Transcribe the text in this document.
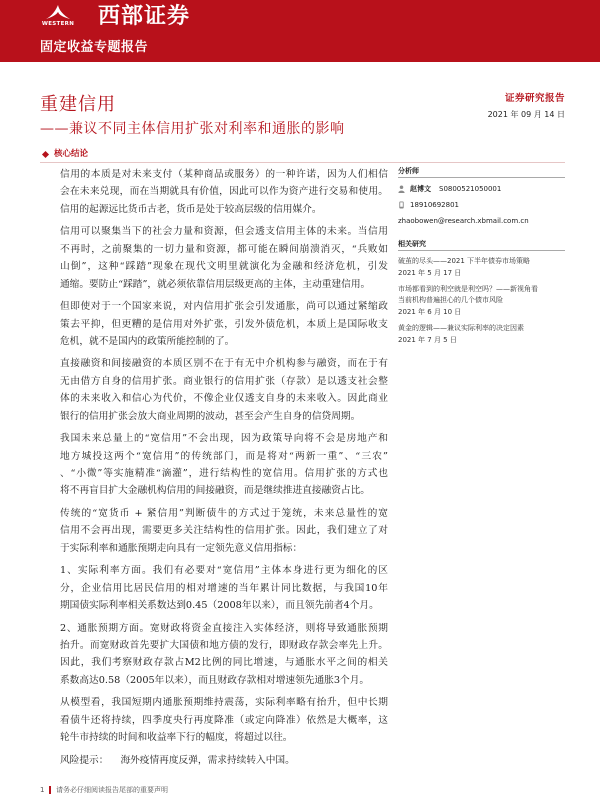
WESTERN 西部证券
固定收益专题报告
重建信用
——兼议不同主体信用扩张对利率和通胀的影响
证券研究报告
2021 年 09 月 14 日
核心结论
信用的本质是对未来支付（某种商品或服务）的一种许诺，因为人们相信
会在未来兑现，而在当期就具有价值，因此可以作为资产进行交易和使用。
信用的起源远比货币古老，货币是处于较高层级的信用媒介。
信用可以聚集当下的社会力量和资源，但会透支信用主体的未来。当信用
不再时，之前聚集的一切力量和资源，都可能在瞬间崩溃消灭，“兵败如
山倒”，这种“踩踏”现象在现代文明里就演化为金融和经济危机，引发
通缩。要防止“踩踏”，就必须依靠信用层级更高的主体，主动重建信用。
但即使对于一个国家来说，对内信用扩张会引发通胀，尚可以通过紧缩政
策去平抑，但更糟的是信用对外扩张，引发外债危机，本质上是国际收支
危机，就不是国内的政策所能控制的了。
直接融资和间接融资的本质区别不在于有无中介机构参与融资，而在于有
无由借方自身的信用扩张。商业银行的信用扩张（存款）是以透支社会整
体的未来收入和信心为代价，不像企业仅透支自身的未来收入。因此商业
银行的信用扩张会放大商业周期的波动，甚至会产生自身的信贷周期。
我国未来总量上的“宽信用”不会出现，因为政策导向将不会是房地产和
地方城投这两个“宽信用”的传统部门，而是将对“两新一重”、“三农”
、“小微”等实施精准“滴灌”，进行结构性的宽信用。信用扩张的方式也
将不再盲目扩大金融机构信用的间接融资，而是继续推进直接融资占比。
传统的“宽货币 + 紧信用”判断债牛的方式过于笼统，未来总量性的宽
信用不会再出现，需要更多关注结构性的信用扩张。因此，我们建立了对
于实际利率和通胀预期走向具有一定领先意义信用指标：
1、实际利率方面。我们有必要对“宽信用”主体本身进行更为细化的区
分，企业信用比居民信用的相对增速的当年累计同比数据，与我国10年
期国债实际利率相关系数达到0.45（2008年以来），而且领先前者4个月。
2、通胀预期方面。宽财政将资金直接注入实体经济，则将导致通胀预期
抬升。而宽财政首先要扩大国债和地方债的发行，即财政存款会率先上升。
因此，我们考察财政存款占M2比例的同比增速，与通胀水平之间的相关
系数高达0.58（2005年以来），而且财政存款相对增速领先通胀3个月。
从模型看，我国短期内通胀预期维持震荡，实际利率略有抬升，但中长期
看债牛还将持续，四季度央行再度降准（或定向降准）依然是大概率，这
轮牛市持续的时间和收益率下行的幅度，将超过以往。
风险提示： 海外疫情再度反弹，需求持续转入中国。
分析师
赵博文 S0800521050001
18910692801
zhaobowen@research.xbmail.com.cn
相关研究
破茧的尽头——2021 下半年债券市场策略
2021 年 5 月 17 日
市场都看到的利空就是利空吗？——新视角看当前机构普遍担心的几个债市风险
2021 年 6 月 10 日
黄金的逻辑——兼议实际利率的决定因素
2021 年 7 月 5 日
1 请务必仔细阅读报告尾部的重要声明
